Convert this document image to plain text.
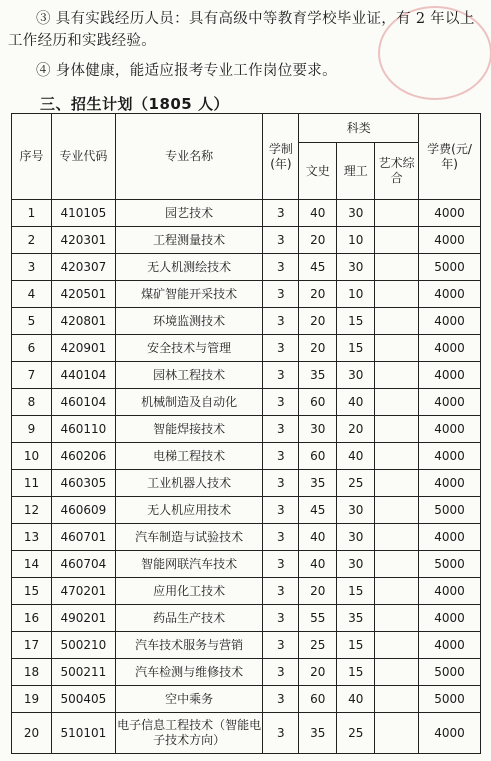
③ 具有实践经历人员：具有高级中等教育学校毕业证，有 2 年以上工作经历和实践经验。
④ 身体健康，能适应报考专业工作岗位要求。
三、招生计划（1805 人）
序号	专业代码	专业名称	学制(年)	科类			学费(元/年)
				文史	理工	艺术综合	
1	410105	园艺技术	3	40	30		4000
2	420301	工程测量技术	3	20	10		4000
3	420307	无人机测绘技术	3	45	30		5000
4	420501	煤矿智能开采技术	3	20	10		4000
5	420801	环境监测技术	3	20	15		4000
6	420901	安全技术与管理	3	20	15		4000
7	440104	园林工程技术	3	35	30		4000
8	460104	机械制造及自动化	3	60	40		4000
9	460110	智能焊接技术	3	30	20		4000
10	460206	电梯工程技术	3	60	40		4000
11	460305	工业机器人技术	3	35	25		4000
12	460609	无人机应用技术	3	45	30		5000
13	460701	汽车制造与试验技术	3	40	30		4000
14	460704	智能网联汽车技术	3	40	30		5000
15	470201	应用化工技术	3	20	15		4000
16	490201	药品生产技术	3	55	35		4000
17	500210	汽车技术服务与营销	3	25	15		4000
18	500211	汽车检测与维修技术	3	20	15		5000
19	500405	空中乘务	3	60	40		5000
20	510101	电子信息工程技术（智能电子技术方向）	3	35	25		4000
